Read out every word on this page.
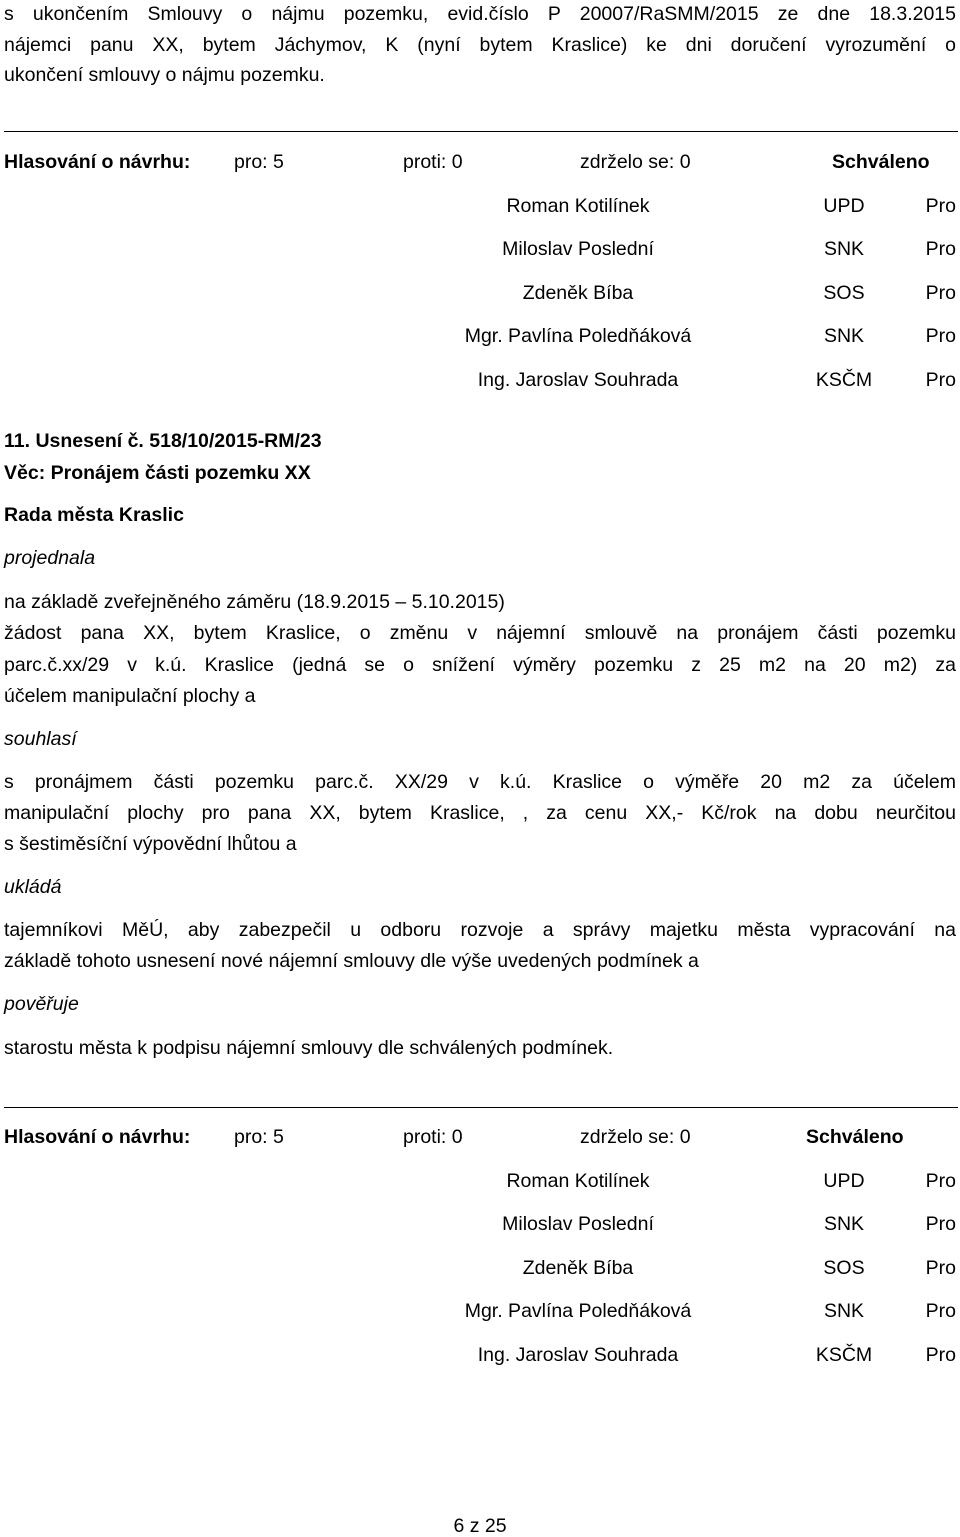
s ukončením Smlouvy o nájmu pozemku, evid.číslo P 20007/RaSMM/2015 ze dne 18.3.2015
nájemci panu XX, bytem Jáchymov, K (nyní bytem Kraslice) ke dni doručení vyrozumění o
ukončení smlouvy o nájmu pozemku.
Hlasování o návrhu: pro: 5	proti: 0	zdrželo se: 0	Schváleno
Roman Kotilínek	UPD	Pro
Miloslav Poslední	SNK	Pro
Zdeněk Bíba	SOS	Pro
Mgr. Pavlína Poledňáková	SNK	Pro
Ing. Jaroslav Souhrada	KSČM	Pro
11. Usnesení č. 518/10/2015-RM/23
Věc: Pronájem části pozemku XX
Rada města Kraslic
projednala
na základě zveřejněného záměru (18.9.2015 – 5.10.2015)
žádost pana XX, bytem Kraslice, o změnu v nájemní smlouvě na pronájem části pozemku
parc.č.xx/29 v k.ú. Kraslice (jedná se o snížení výměry pozemku z 25 m2 na 20 m2) za
účelem manipulační plochy a
souhlasí
s pronájmem části pozemku parc.č. XX/29 v k.ú. Kraslice o výměře 20 m2 za účelem
manipulační plochy pro pana XX, bytem Kraslice, , za cenu XX,- Kč/rok na dobu neurčitou
s šestiměsíční výpovědní lhůtou a
ukládá
tajemníkovi MěÚ, aby zabezpečil u odboru rozvoje a správy majetku města vypracování na
základě tohoto usnesení nové nájemní smlouvy dle výše uvedených podmínek a
pověřuje
starostu města k podpisu nájemní smlouvy dle schválených podmínek.
Hlasování o návrhu: pro: 5	proti: 0	zdrželo se: 0	Schváleno
Roman Kotilínek	UPD	Pro
Miloslav Poslední	SNK	Pro
Zdeněk Bíba	SOS	Pro
Mgr. Pavlína Poledňáková	SNK	Pro
Ing. Jaroslav Souhrada	KSČM	Pro
6 z 25
